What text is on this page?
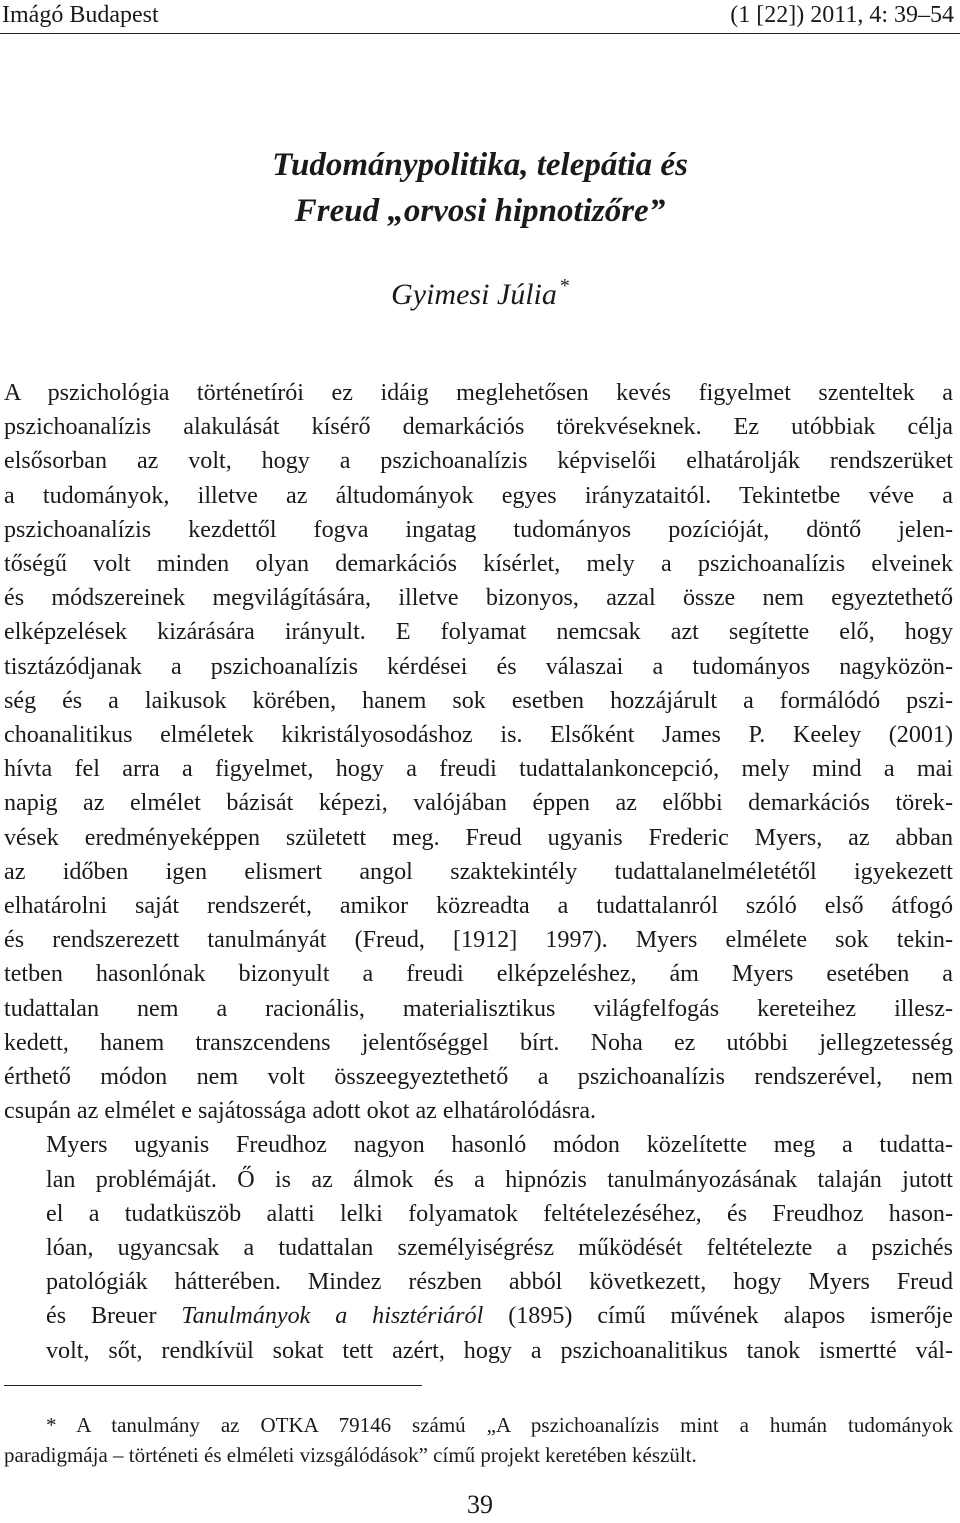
Imágó Budapest	(1 [22]) 2011, 4: 39–54
Tudománypolitika, telepátia és
Freud „orvosi hipnotizőre”
Gyimesi Júlia *

A pszichológia történetírói ez idáig meglehetősen kevés figyelmet szenteltek a
pszichoanalízis alakulását kísérő demarkációs törekvéseknek. Ez utóbbiak célja
elsősorban az volt, hogy a pszichoanalízis képviselői elhatárolják rendszerüket
a tudományok, illetve az áltudományok egyes irányzataitól. Tekintetbe véve a
pszichoanalízis kezdettől fogva ingatag tudományos pozícióját, döntő jelen-
tőségű volt minden olyan demarkációs kísérlet, mely a pszichoanalízis elveinek
és módszereinek megvilágítására, illetve bizonyos, azzal össze nem egyeztethető
elképzelések kizárására irányult. E folyamat nemcsak azt segítette elő, hogy
tisztázódjanak a pszichoanalízis kérdései és válaszai a tudományos nagyközön-
ség és a laikusok körében, hanem sok esetben hozzájárult a formálódó pszi-
choanalitikus elméletek kikristályosodáshoz is. Elsőként James P. Keeley (2001)
hívta fel arra a figyelmet, hogy a freudi tudattalankoncepció, mely mind a mai
napig az elmélet bázisát képezi, valójában éppen az előbbi demarkációs törek-
vések eredményeképpen született meg. Freud ugyanis Frederic Myers, az abban
az időben igen elismert angol szaktekintély tudattalanelméletétől igyekezett
elhatárolni saját rendszerét, amikor közreadta a tudattalanról szóló első átfogó
és rendszerezett tanulmányát (Freud, [1912] 1997). Myers elmélete sok tekin-
tetben hasonlónak bizonyult a freudi elképzeléshez, ám Myers esetében a
tudattalan nem a racionális, materialisztikus világfelfogás kereteihez illesz-
kedett, hanem transzcendens jelentőséggel bírt. Noha ez utóbbi jellegzetesség
érthető módon nem volt összeegyeztethető a pszichoanalízis rendszerével, nem
csupán az elmélet e sajátossága adott okot az elhatárolódásra.

Myers ugyanis Freudhoz nagyon hasonló módon közelítette meg a tudatta-
lan problémáját. Ő is az álmok és a hipnózis tanulmányozásának talaján jutott
el a tudatküszöb alatti lelki folyamatok feltételezéséhez, és Freudhoz hason-
lóan, ugyancsak a tudattalan személyiségrész működését feltételezte a pszichés
patológiák hátterében. Mindez részben abból következett, hogy Myers Freud
és Breuer Tanulmányok a hisztériáról (1895) című művének alapos ismerője
volt, sőt, rendkívül sokat tett azért, hogy a pszichoanalitikus tanok ismertté vál-

* A tanulmány az OTKA 79146 számú „A pszichoanalízis mint a humán tudományok
paradigmája – történeti és elméleti vizsgálódások” című projekt keretében készült.
39
